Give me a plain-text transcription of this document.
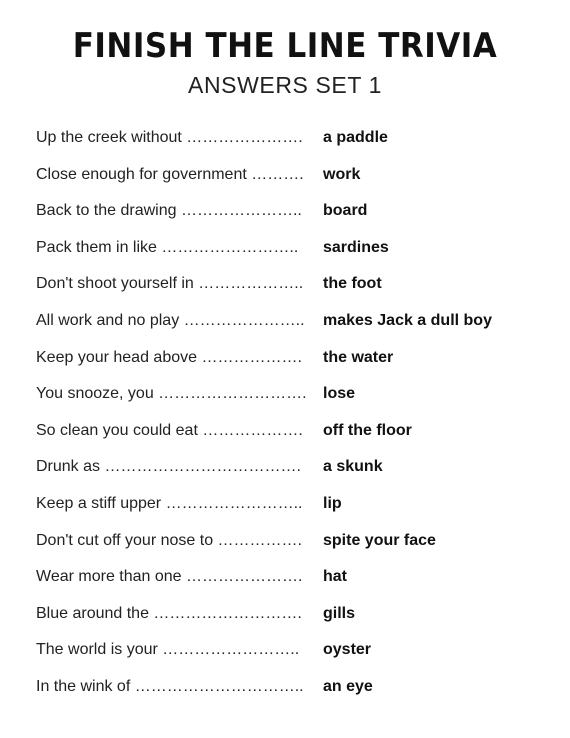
FINISH THE LINE TRIVIA
ANSWERS SET 1
Up the creek without …………………. a paddle
Close enough for government ………. work
Back to the drawing ………………….. board
Pack them in like …………………….. sardines
Don't shoot yourself in ……………….. the foot
All work and no play ………………….. makes Jack a dull boy
Keep your head above ………………. the water
You snooze, you ………………………. lose
So clean you could eat ………………. off the floor
Drunk as ………………………………. a skunk
Keep a stiff upper …………………….. lip
Don't cut off your nose to ……………. spite your face
Wear more than one …………………. hat
Blue around the ………………………. gills
The world is your …………………….. oyster
In the wink of ………………………….. an eye
